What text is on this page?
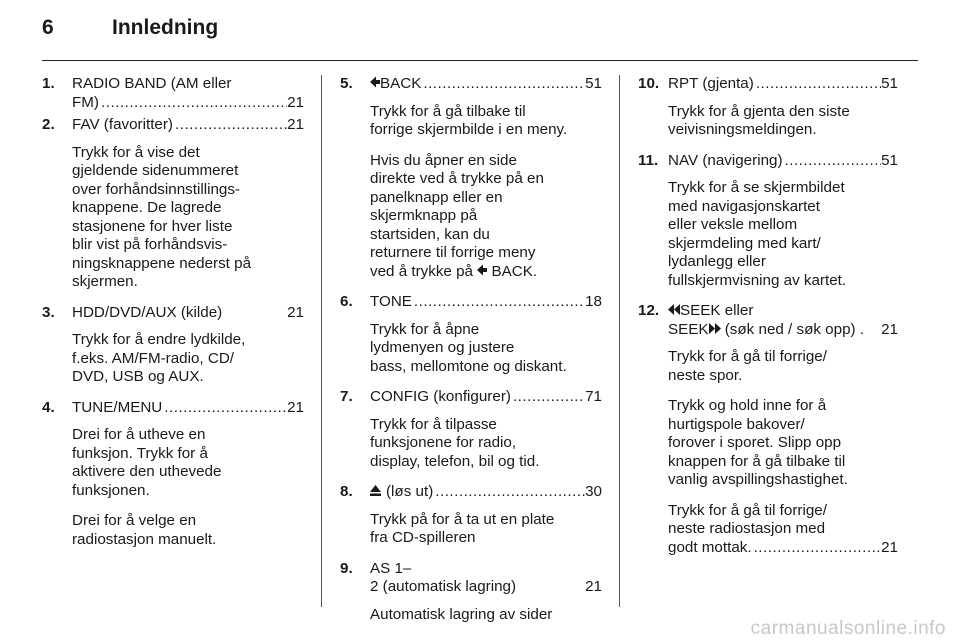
6	Innledning
1.	RADIO BAND (AM eller
FM) .....	21
2.	FAV (favoritter) .....	21
Trykk for å vise det
gjeldende sidenummeret
over forhåndsinnstillings-
knappene. De lagrede
stasjonene for hver liste
blir vist på forhåndsvis-
ningsknappene nederst på
skjermen.
3.	HDD/DVD/AUX (kilde)	21
Trykk for å endre lydkilde,
f.eks. AM/FM-radio, CD/
DVD, USB og AUX.
4.	TUNE/MENU .....	21
Drei for å utheve en
funksjon. Trykk for å
aktivere den uthevede
funksjonen.
Drei for å velge en
radiostasjon manuelt.
5.	BACK .....	51
Trykk for å gå tilbake til
forrige skjermbilde i en meny.
Hvis du åpner en side
direkte ved å trykke på en
panelknapp eller en
skjermknapp på
startsiden, kan du
returnere til forrige meny
ved å trykke på BACK.
6.	TONE .....	18
Trykk for å åpne
lydmenyen og justere
bass, mellomtone og diskant.
7.	CONFIG (konfigurer) .....	71
Trykk for å tilpasse
funksjonene for radio,
display, telefon, bil og tid.
8.	(løs ut) .....	30
Trykk på for å ta ut en plate
fra CD-spilleren
9.	AS 1–
2 (automatisk lagring)	21
Automatisk lagring av sider
10. RPT (gjenta) .....	51
Trykk for å gjenta den siste
veivisningsmeldingen.
11. NAV (navigering) .....	51
Trykk for å se skjermbildet
med navigasjonskartet
eller veksle mellom
skjermdeling med kart/
lydanlegg eller
fullskjermvisning av kartet.
12.	SEEK eller
SEEK (søk ned / søk opp) . 21
Trykk for å gå til forrige/
neste spor.
Trykk og hold inne for å
hurtigspole bakover/
forover i sporet. Slipp opp
knappen for å gå tilbake til
vanlig avspillingshastighet.
Trykk for å gå til forrige/
neste radiostasjon med
godt mottak. .....	21
carmanualsonline.info
